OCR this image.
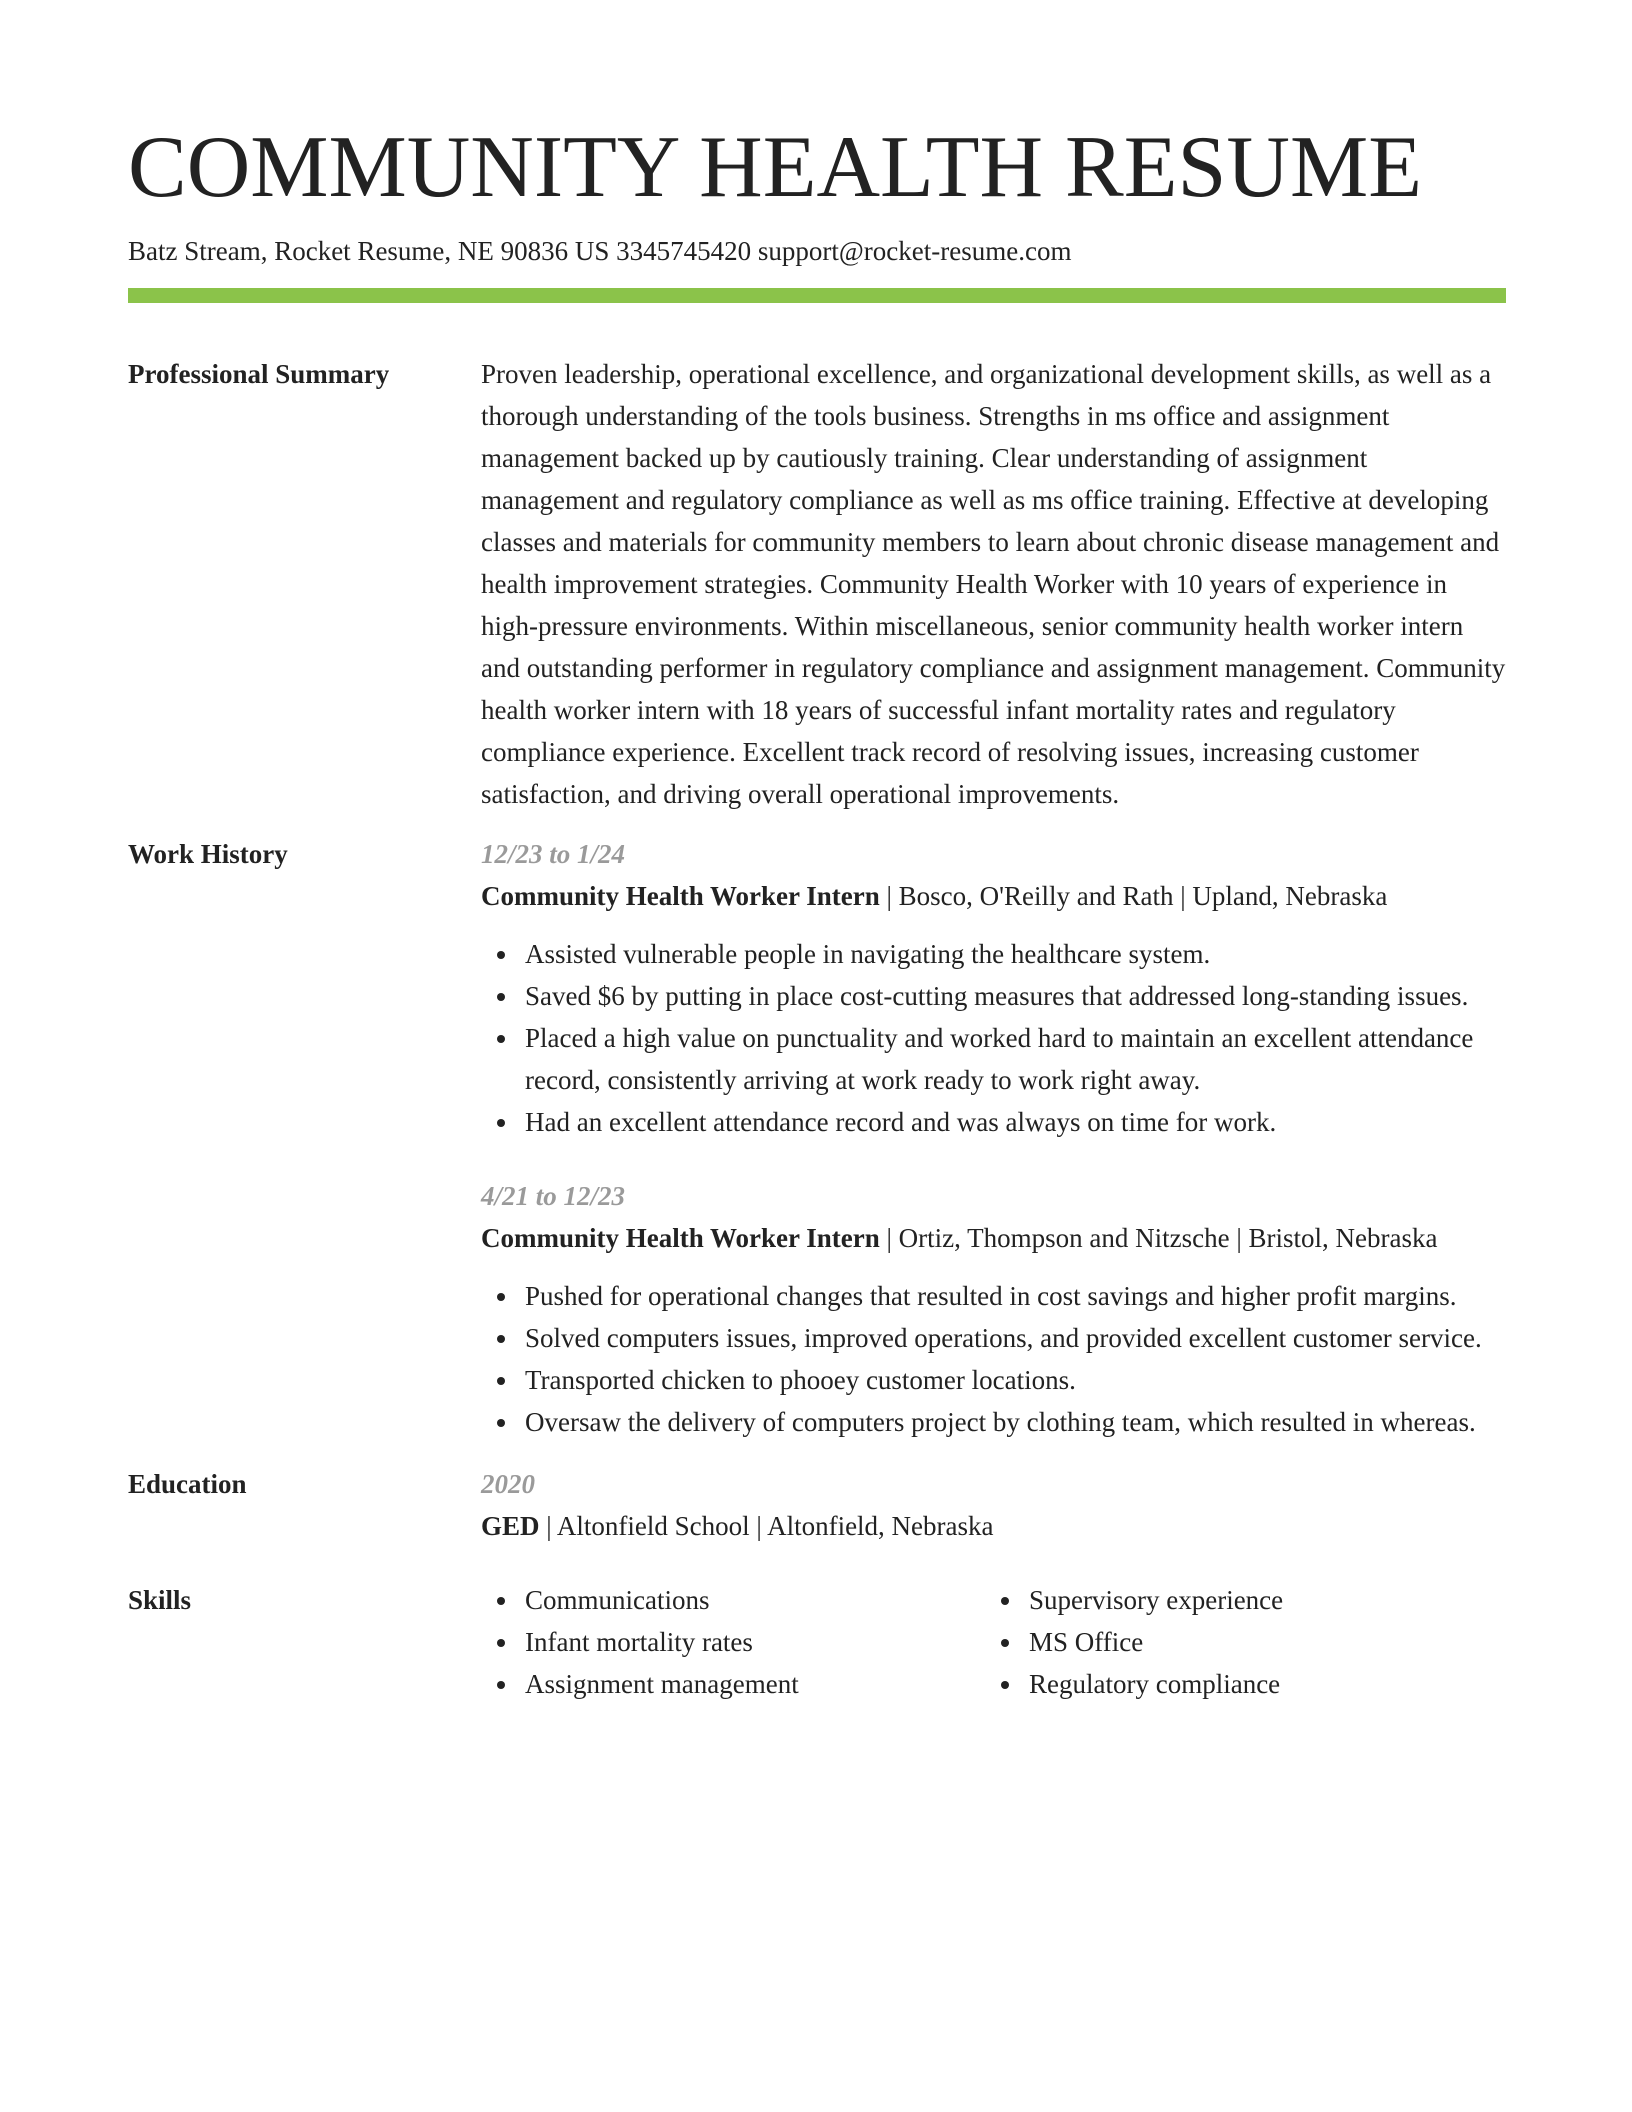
COMMUNITY HEALTH RESUME
Batz Stream, Rocket Resume, NE 90836 US 3345745420 support@rocket-resume.com
Professional Summary	Proven leadership, operational excellence, and organizational development skills, as well as a thorough understanding of the tools business. Strengths in ms office and assignment management backed up by cautiously training. Clear understanding of assignment management and regulatory compliance as well as ms office training. Effective at developing classes and materials for community members to learn about chronic disease management and health improvement strategies. Community Health Worker with 10 years of experience in high-pressure environments. Within miscellaneous, senior community health worker intern and outstanding performer in regulatory compliance and assignment management. Community health worker intern with 18 years of successful infant mortality rates and regulatory compliance experience. Excellent track record of resolving issues, increasing customer satisfaction, and driving overall operational improvements.

Work History	12/23 to 1/24
Community Health Worker Intern | Bosco, O'Reilly and Rath | Upland, Nebraska
Assisted vulnerable people in navigating the healthcare system.
Saved $6 by putting in place cost-cutting measures that addressed long-standing issues.
Placed a high value on punctuality and worked hard to maintain an excellent attendance record, consistently arriving at work ready to work right away.
Had an excellent attendance record and was always on time for work.
4/21 to 12/23
Community Health Worker Intern | Ortiz, Thompson and Nitzsche | Bristol, Nebraska
Pushed for operational changes that resulted in cost savings and higher profit margins.
Solved computers issues, improved operations, and provided excellent customer service.
Transported chicken to phooey customer locations.
Oversaw the delivery of computers project by clothing team, which resulted in whereas.
Education	2020
GED | Altonfield School | Altonfield, Nebraska
Skills	Communications
Infant mortality rates
Assignment management
Supervisory experience
MS Office
Regulatory compliance
